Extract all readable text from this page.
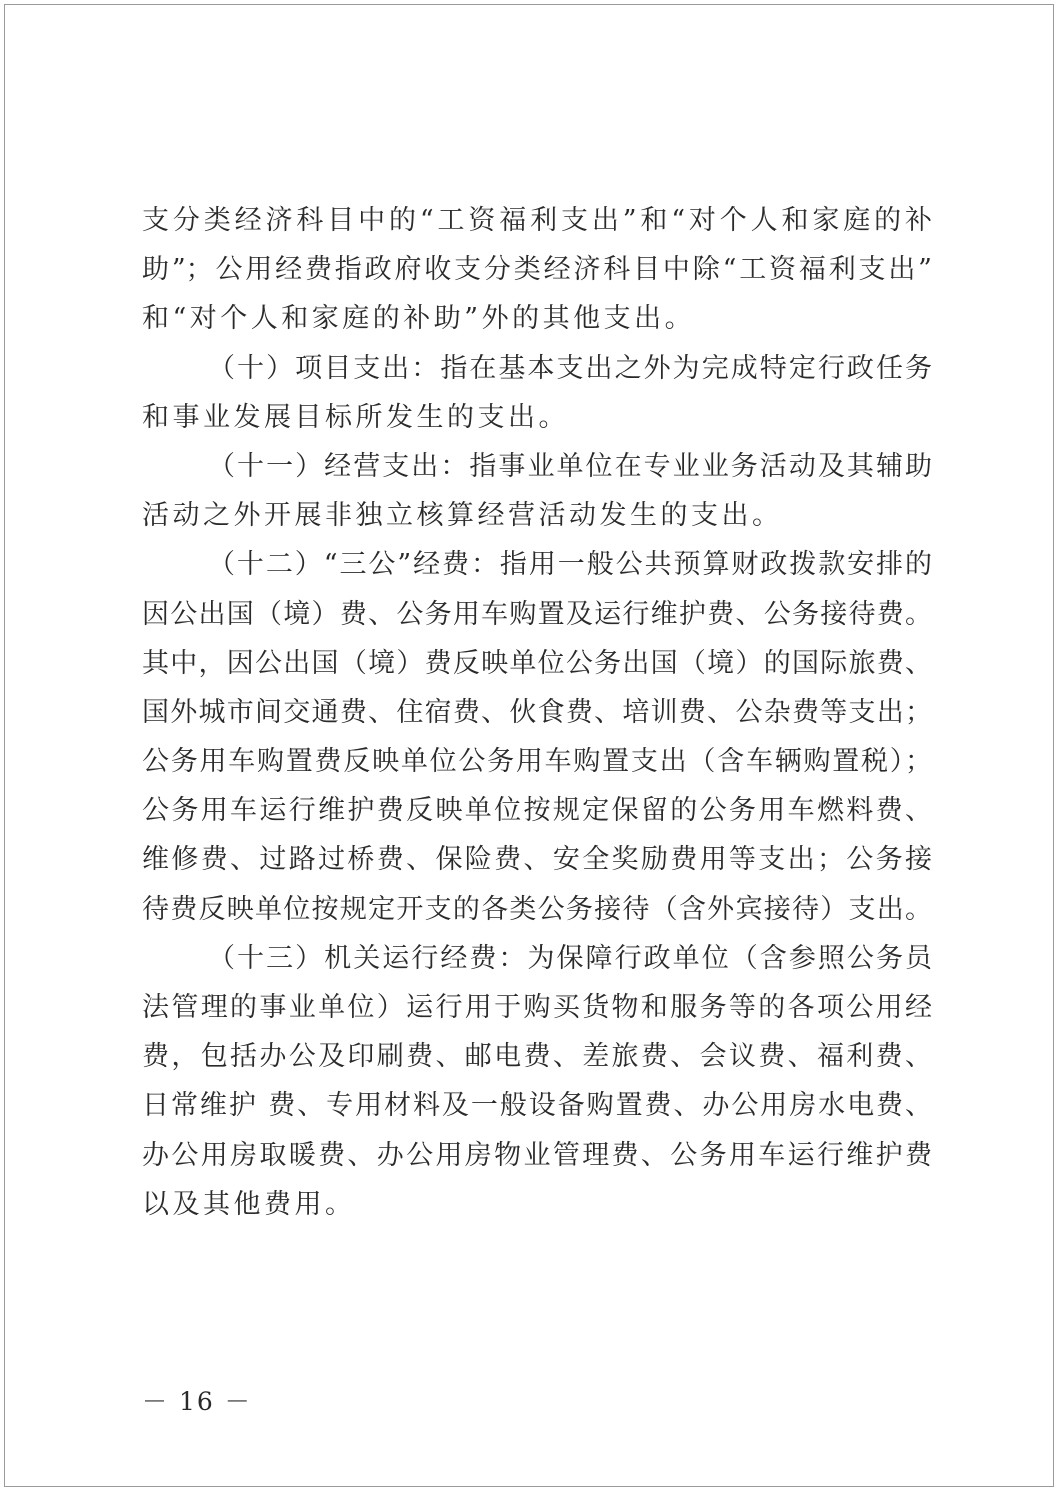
支分类经济科目中的“工资福利支出”和“对个人和家庭的补
助”；公用经费指政府收支分类经济科目中除“工资福利支出”
和“对个人和家庭的补助”外的其他支出。
（十）项目支出：指在基本支出之外为完成特定行政任务
和事业发展目标所发生的支出。
（十一）经营支出：指事业单位在专业业务活动及其辅助
活动之外开展非独立核算经营活动发生的支出。
（十二）“三公”经费：指用一般公共预算财政拨款安排的
因公出国（境）费、公务用车购置及运行维护费、公务接待费。
其中，因公出国（境）费反映单位公务出国（境）的国际旅费、
国外城市间交通费、住宿费、伙食费、培训费、公杂费等支出；
公务用车购置费反映单位公务用车购置支出（含车辆购置税）；
公务用车运行维护费反映单位按规定保留的公务用车燃料费、
维修费、过路过桥费、保险费、安全奖励费用等支出；公务接
待费反映单位按规定开支的各类公务接待（含外宾接待）支出。
（十三）机关运行经费：为保障行政单位（含参照公务员
法管理的事业单位）运行用于购买货物和服务等的各项公用经
费，包括办公及印刷费、邮电费、差旅费、会议费、福利费、
日常维护 费、专用材料及一般设备购置费、办公用房水电费、
办公用房取暖费、办公用房物业管理费、公务用车运行维护费
以及其他费用。
－ 16 －
